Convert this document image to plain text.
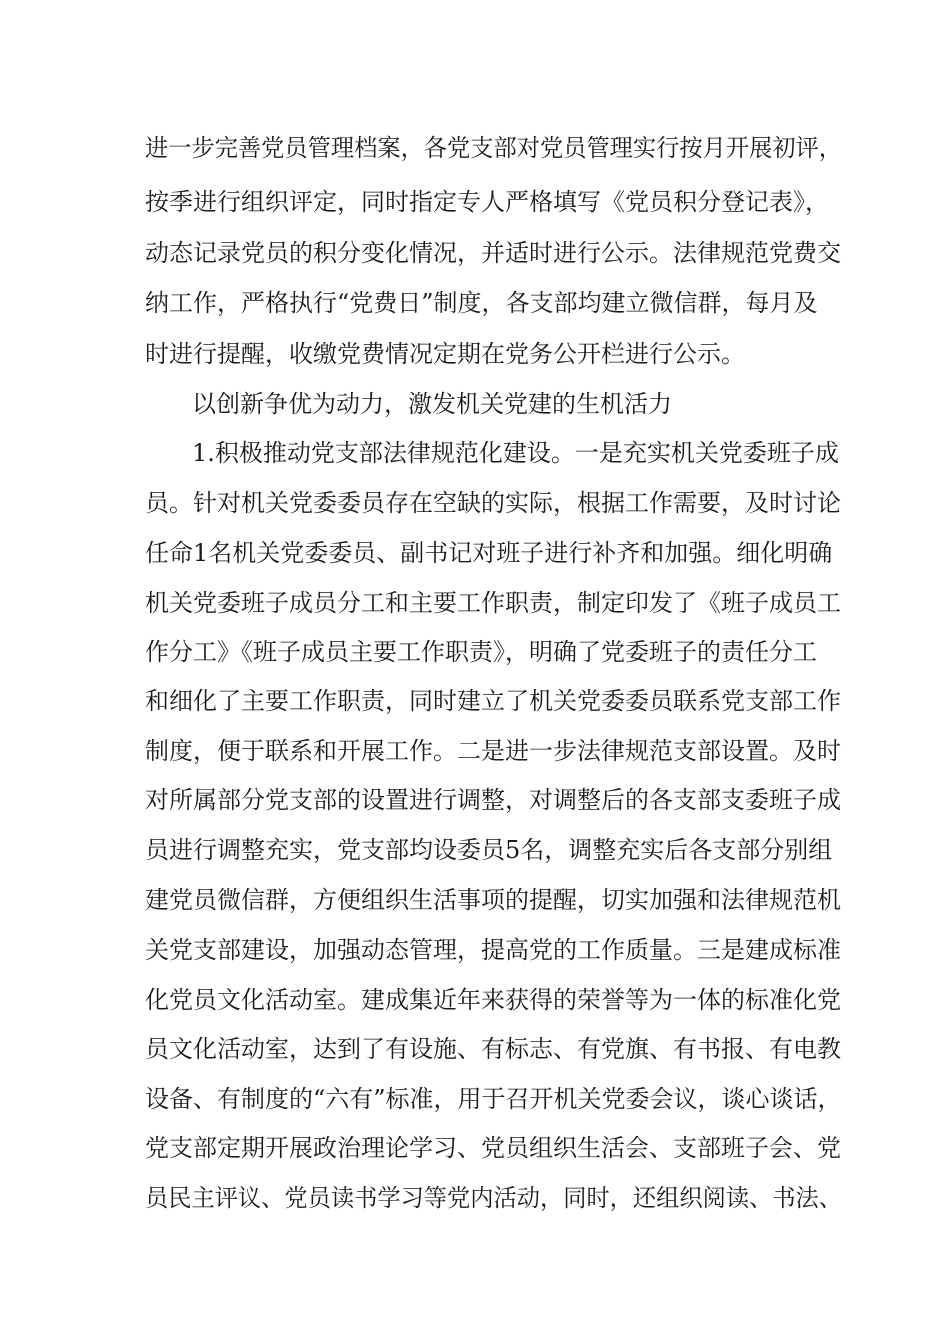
进一步完善党员管理档案，各党支部对党员管理实行按月开展初评，

按季进行组织评定，同时指定专人严格填写《党员积分登记表》，

动态记录党员的积分变化情况，并适时进行公示。法律规范党费交

纳工作，严格执行“党费日”制度，各支部均建立微信群，每月及

时进行提醒，收缴党费情况定期在党务公开栏进行公示。

以创新争优为动力，激发机关党建的生机活力

1.积极推动党支部法律规范化建设。一是充实机关党委班子成

员。针对机关党委委员存在空缺的实际，根据工作需要，及时讨论

任命1名机关党委委员、副书记对班子进行补齐和加强。细化明确

机关党委班子成员分工和主要工作职责，制定印发了《班子成员工

作分工》《班子成员主要工作职责》，明确了党委班子的责任分工

和细化了主要工作职责，同时建立了机关党委委员联系党支部工作

制度，便于联系和开展工作。二是进一步法律规范支部设置。及时

对所属部分党支部的设置进行调整，对调整后的各支部支委班子成

员进行调整充实，党支部均设委员5名，调整充实后各支部分别组

建党员微信群，方便组织生活事项的提醒，切实加强和法律规范机

关党支部建设，加强动态管理，提高党的工作质量。三是建成标准

化党员文化活动室。建成集近年来获得的荣誉等为一体的标准化党

员文化活动室，达到了有设施、有标志、有党旗、有书报、有电教

设备、有制度的“六有”标准，用于召开机关党委会议，谈心谈话，

党支部定期开展政治理论学习、党员组织生活会、支部班子会、党

员民主评议、党员读书学习等党内活动，同时，还组织阅读、书法、
